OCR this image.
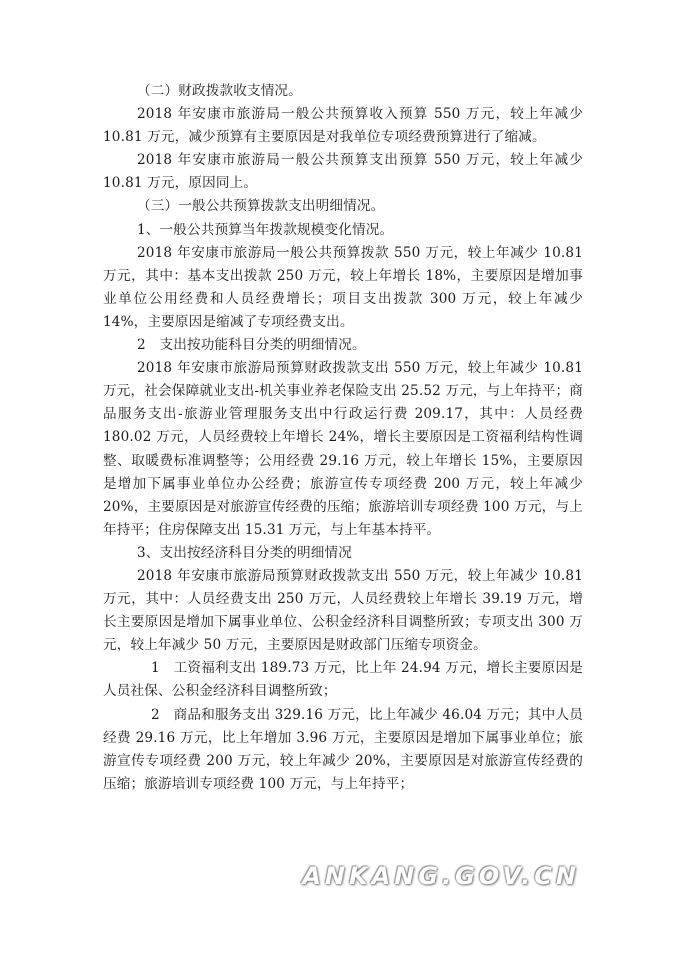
（二）财政拨款收支情况。

2018 年安康市旅游局一般公共预算收入预算 550 万元，较上年减少 10.81 万元，减少预算有主要原因是对我单位专项经费预算进行了缩减。

2018 年安康市旅游局一般公共预算支出预算 550 万元，较上年减少 10.81 万元，原因同上。

（三）一般公共预算拨款支出明细情况。

1、一般公共预算当年拨款规模变化情况。

2018 年安康市旅游局一般公共预算拨款 550 万元，较上年减少 10.81 万元，其中：基本支出拨款 250 万元，较上年增长 18%，主要原因是增加事业单位公用经费和人员经费增长；项目支出拨款 300 万元，较上年减少 14%，主要原因是缩减了专项经费支出。

2　支出按功能科目分类的明细情况。

2018 年安康市旅游局预算财政拨款支出 550 万元，较上年减少 10.81 万元，社会保障就业支出-机关事业养老保险支出 25.52 万元，与上年持平；商品服务支出-旅游业管理服务支出中行政运行费 209.17，其中：人员经费 180.02 万元，人员经费较上年增长 24%，增长主要原因是工资福利结构性调整、取暖费标准调整等；公用经费 29.16 万元，较上年增长 15%，主要原因是增加下属事业单位办公经费；旅游宣传专项经费 200 万元，较上年减少 20%，主要原因是对旅游宣传经费的压缩；旅游培训专项经费 100 万元，与上年持平；住房保障支出 15.31 万元，与上年基本持平。

3、支出按经济科目分类的明细情况

2018 年安康市旅游局预算财政拨款支出 550 万元，较上年减少 10.81 万元，其中：人员经费支出 250 万元，人员经费较上年增长 39.19 万元，增长主要原因是增加下属事业单位、公积金经济科目调整所致；专项支出 300 万元，较上年减少 50 万元，主要原因是财政部门压缩专项资金。

1　工资福利支出 189.73 万元，比上年 24.94 万元，增长主要原因是人员社保、公积金经济科目调整所致；

2　商品和服务支出 329.16 万元，比上年减少 46.04 万元；其中人员经费 29.16 万元，比上年增加 3.96 万元，主要原因是增加下属事业单位；旅游宣传专项经费 200 万元，较上年减少 20%，主要原因是对旅游宣传经费的压缩；旅游培训专项经费 100 万元，与上年持平；

ANKANG.GOV.CN
